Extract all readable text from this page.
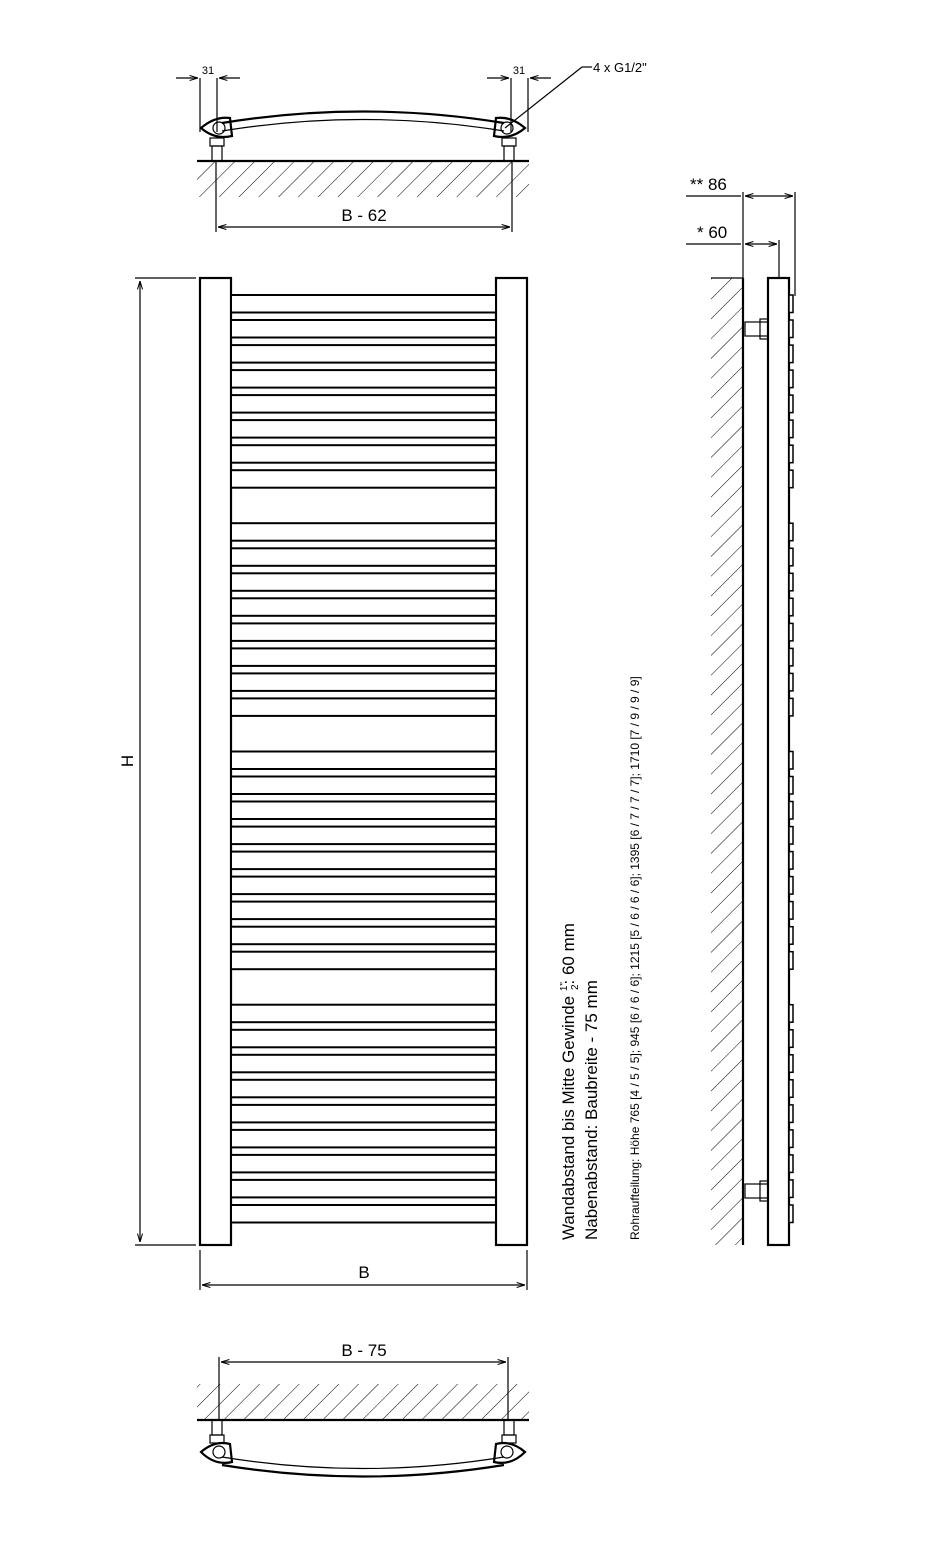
31	31	4 x G1/2"
B - 62
H
B
Wandabstand bis Mitte Gewinde $^{1"}$2: 60 mm
Nabenabstand: Baubreite - 75 mm Rohraufteilung: Höhe 765 [4 / 5 / 5]; 945 [6 / 6 / 6]; 1215 [5 / 6 / 6 / 6]; 1395 [6 / 7 / 7 / 7]; 1710 [7 / 9 / 9 / 9]
** 86
* 60
B - 75
